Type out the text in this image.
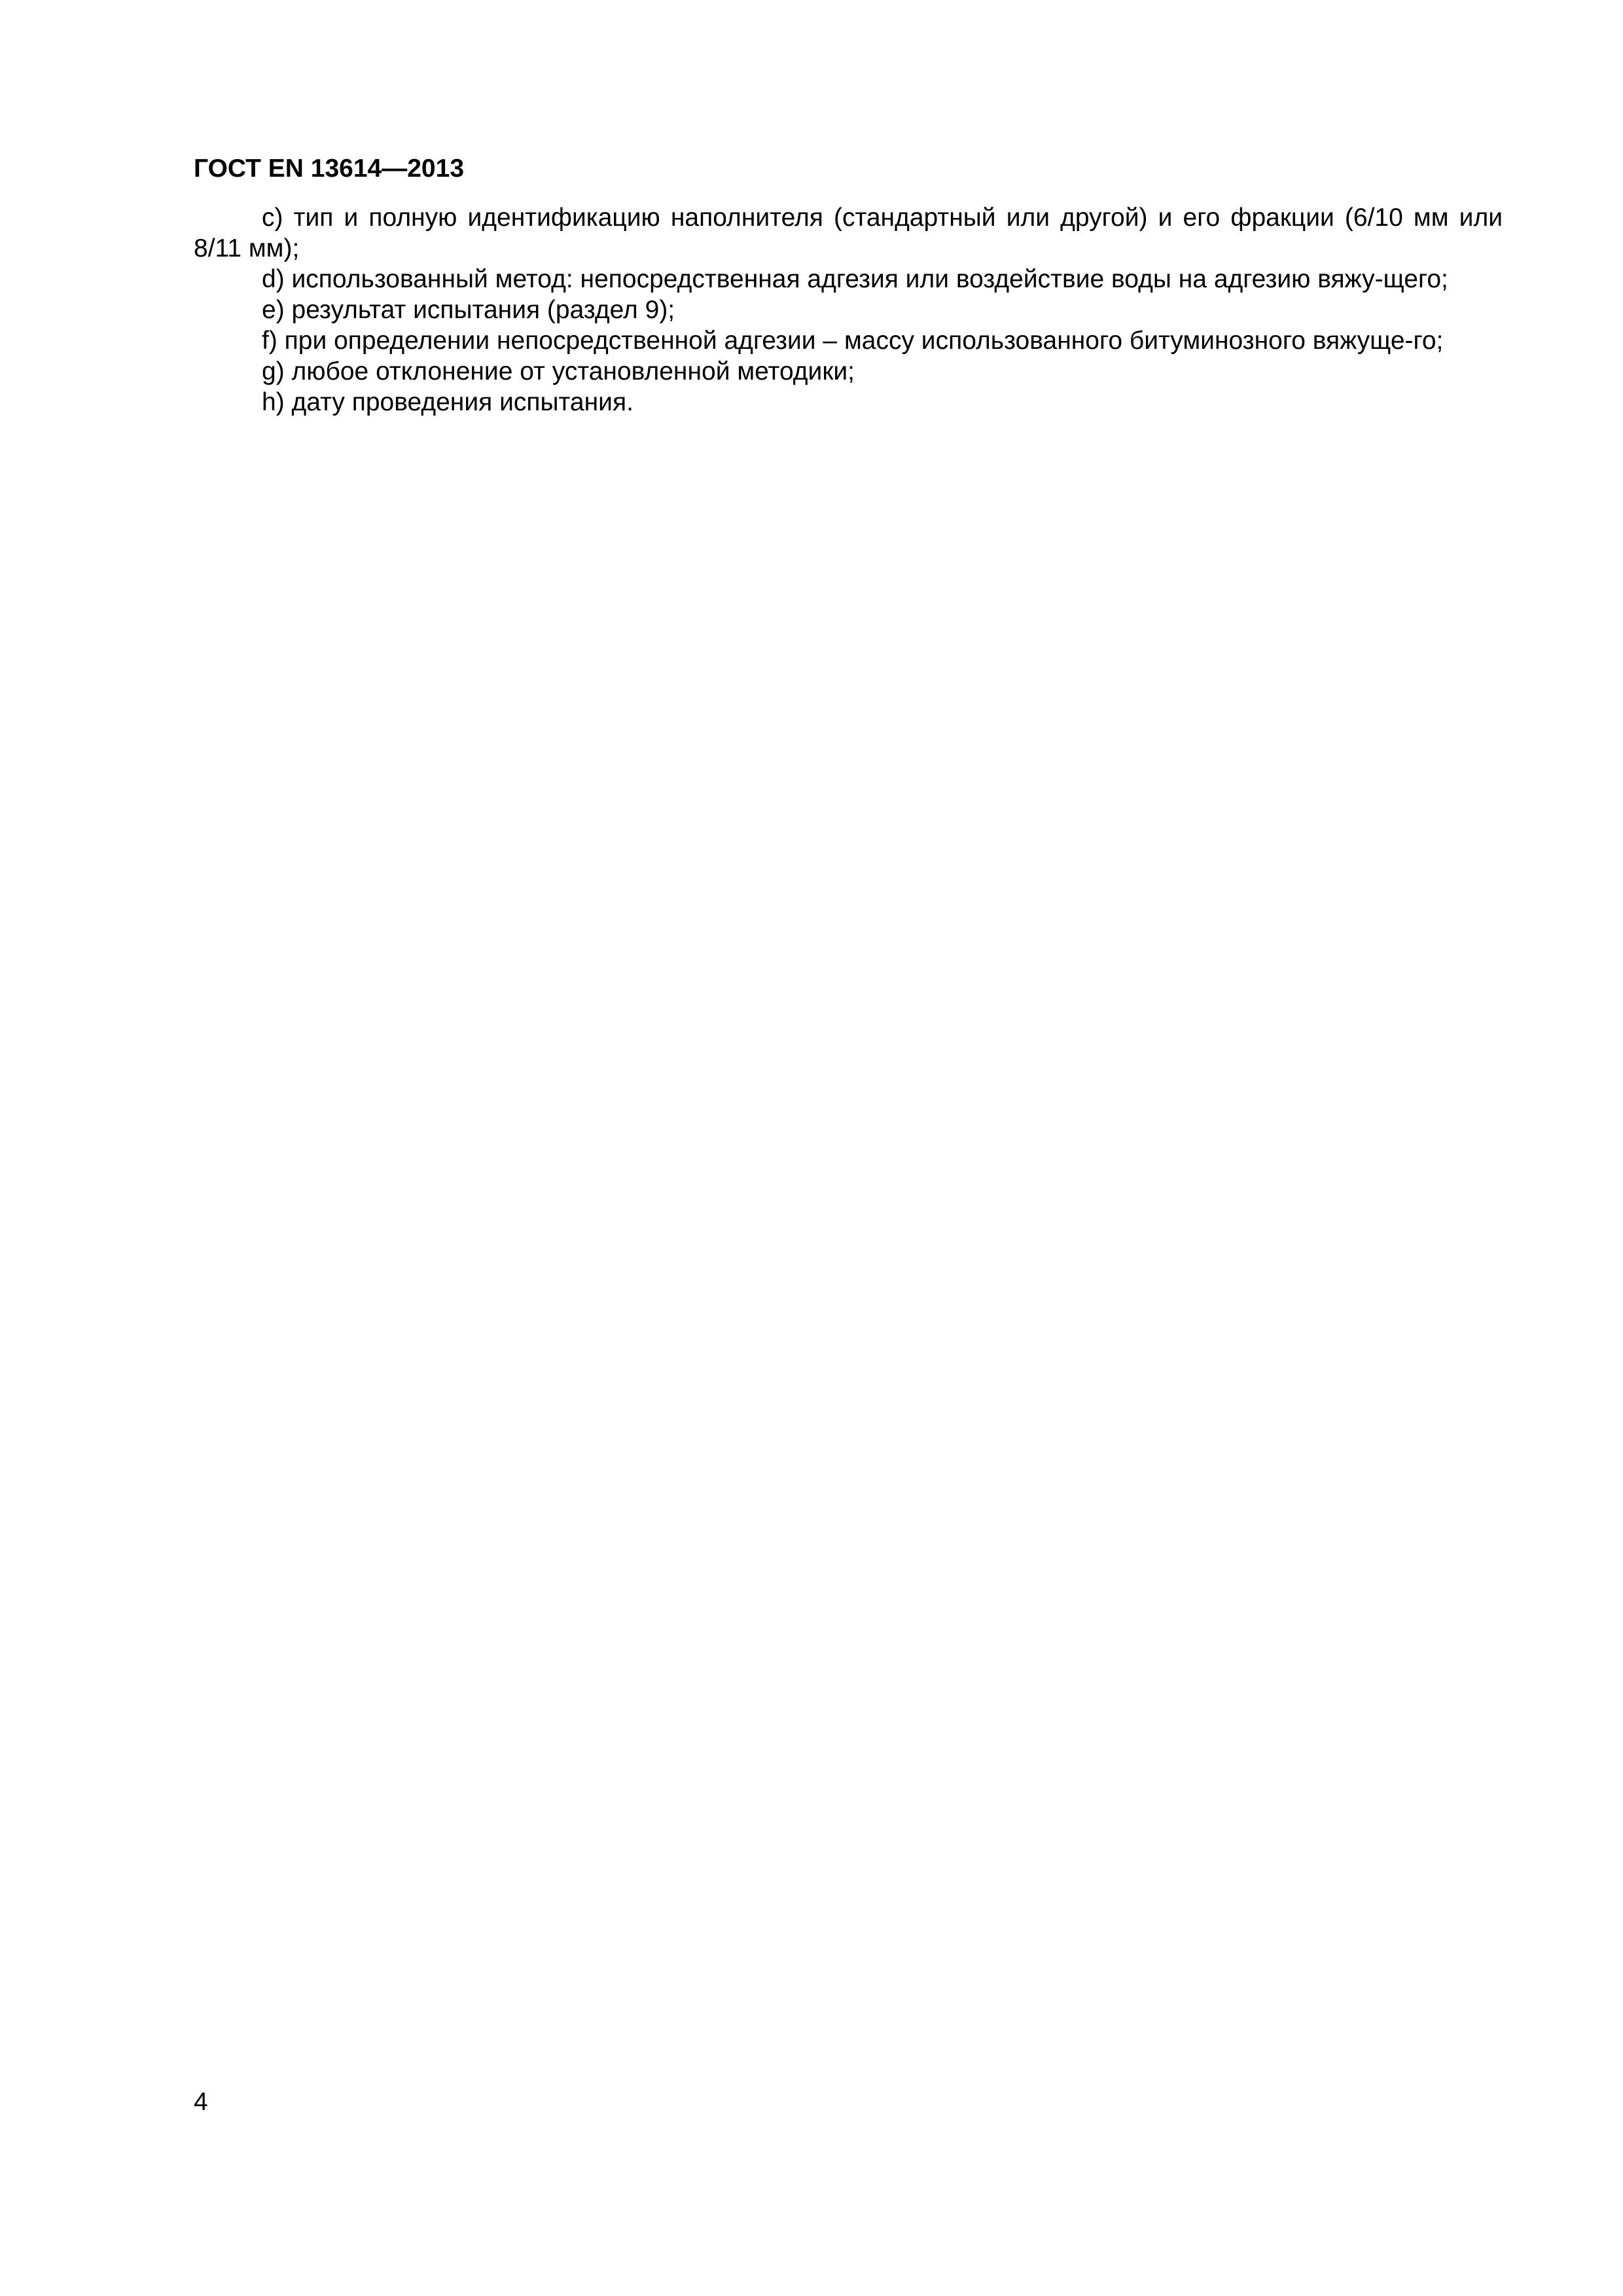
ГОСТ EN 13614—2013

c) тип и полную идентификацию наполнителя (стандартный или другой) и его фракции (6/10 мм или 8/11 мм);

d) использованный метод: непосредственная адгезия или воздействие воды на адгезию вяжу-щего;

e) результат испытания (раздел 9);

f) при определении непосредственной адгезии – массу использованного битуминозного вяжуще-го;

g) любое отклонение от установленной методики;

h) дату проведения испытания.

4
